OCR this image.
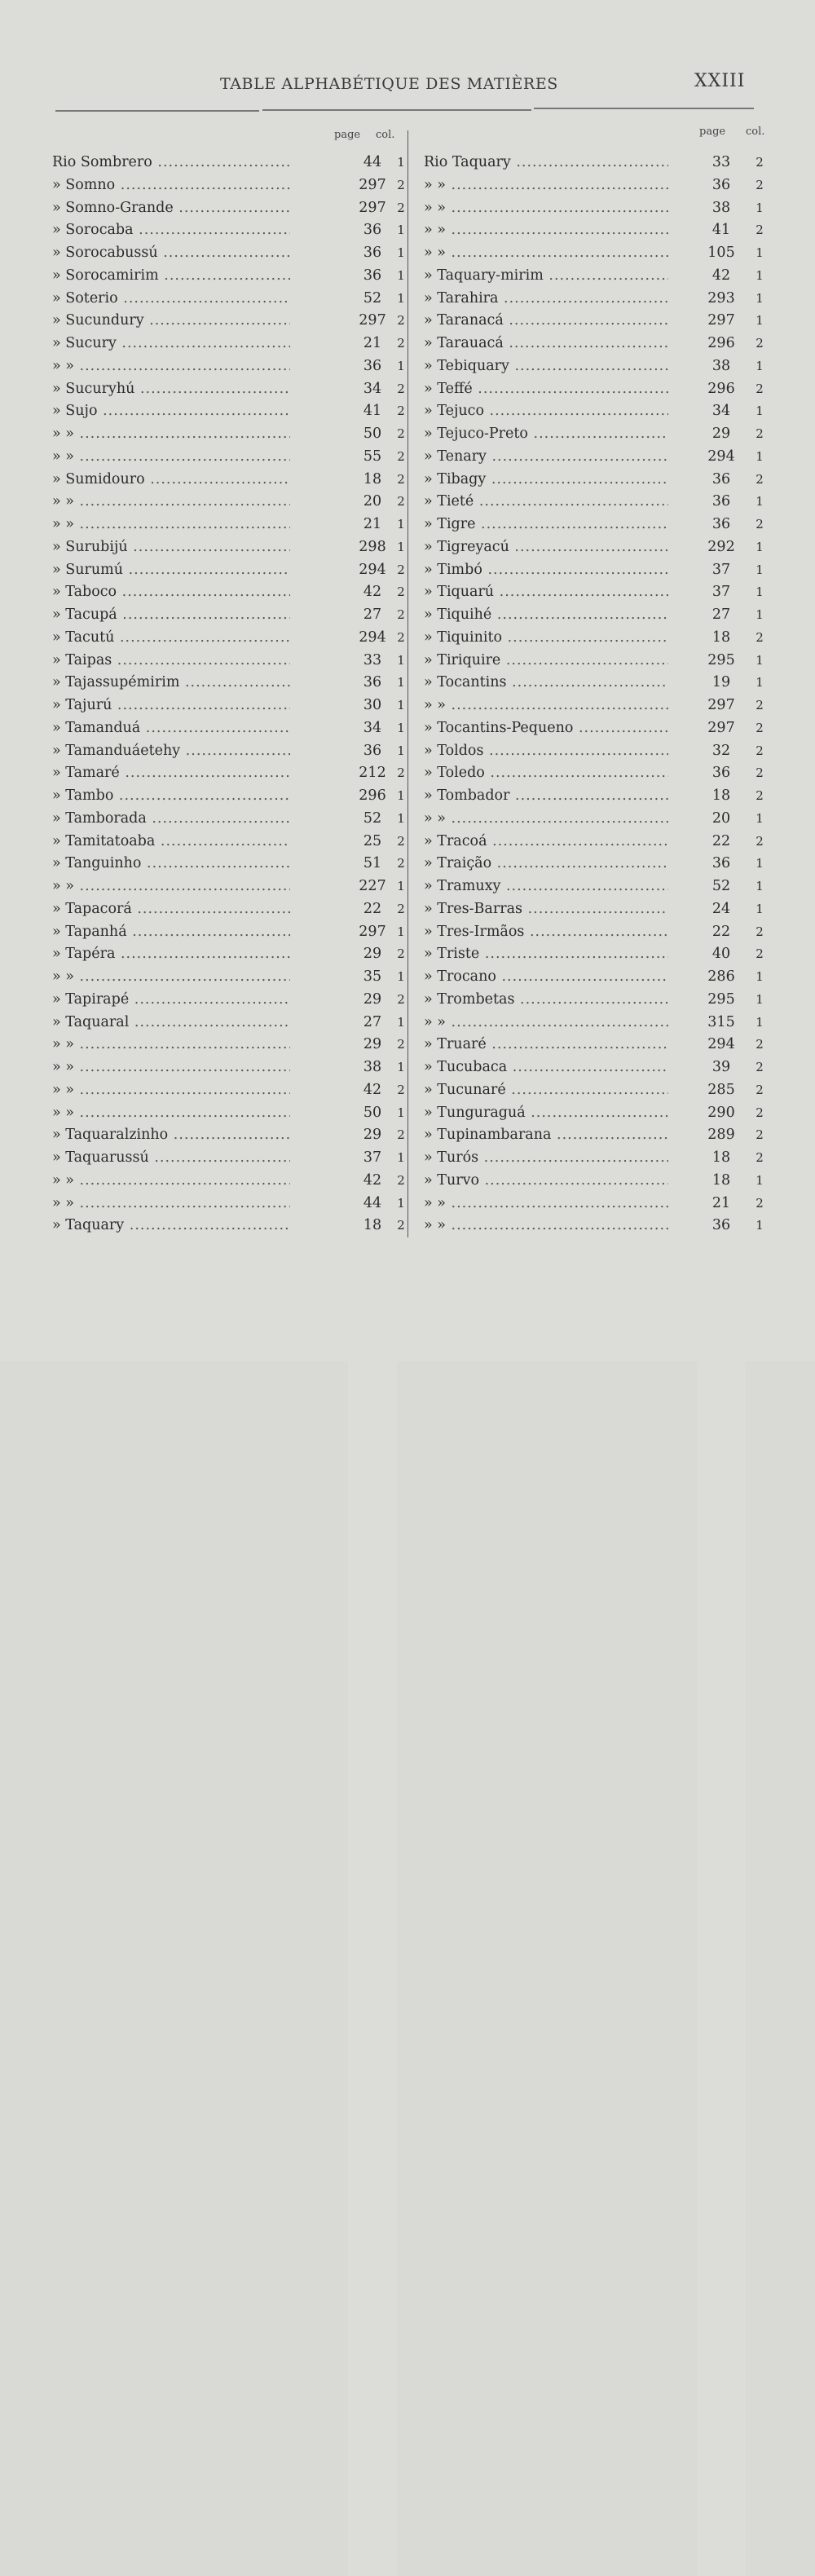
TABLE ALPHABÉTIQUE DES MATIÈRES	XXIII
page col.	page col.
Rio Sombrero .....	44	1
» Somno .....	297 2
» Somno-Grande .....	297 2
» Sorocaba .....	36	1
» Sorocabussú .....	36	1
» Sorocamirim .....	36	1
» Soterio .....	52	1
» Sucundury .....	297 2
» Sucury .....	21	2
» » .....	36	1
» Sucuryhú .....	34	2
» Sujo .....	41	2
» » .....	50	2
» » .....	55	2
» Sumidouro .....	18	2
» » .....	20	2
» » .....	21	1
» Surubijú .....	298 1
» Surumú .....	294 2
» Taboco .....	42	2
» Tacupá .....	27	2
» Tacutú .....	294 2
» Taipas .....	33	1
» Tajassupémirim .....	36	1
» Tajurú .....	30	1
» Tamanduá .....	34	1
» Tamanduáetehy .....	36	1
» Tamaré .....	212 2
» Tambo .....	296 1
» Tamborada .....	52	1
» Tamitatoaba .....	25	2
» Tanguinho .....	51	2
» » .....	227 1
» Tapacorá .....	22	2
» Tapanhá .....	297 1
» Tapéra .....	29	2
» » .....	35	1
» Tapirapé .....	29	2
» Taquaral .....	27	1
» » .....	29	2
» » .....	38	1
» » .....	42	2
» » .....	50	1
» Taquaralzinho .....	29	2
» Taquarussú .....	37	1
» » .....	42	2
» » .....	44	1
» Taquary .....	18	2
Rio Taquary .....	33	2
» » .....	36	2
» » .....	38	1
» » .....	41	2
» » .....	105	1
» Taquary-mirim .....	42	1
» Tarahira .....	293	1
» Taranacá .....	297	1
» Tarauacá .....	296	2
» Tebiquary .....	38	1
» Teffé .....	296	2
» Tejuco .....	34	1
» Tejuco-Preto .....	29	2
» Tenary .....	294	1
» Tibagy .....	36	2
» Tieté .....	36	1
» Tigre .....	36	2
» Tigreyacú .....	292	1
» Timbó .....	37	1
» Tiquarú .....	37	1
» Tiquihé .....	27	1
» Tiquinito .....	18	2
» Tiriquire .....	295	1
» Tocantins .....	19	1
» » .....	297	2
» Tocantins-Pequeno .....	297	2
» Toldos .....	32	2
» Toledo .....	36	2
» Tombador .....	18	2
» » .....	20	1
» Tracoá .....	22	2
» Traição .....	36	1
» Tramuxy .....	52	1
» Tres-Barras .....	24	1
» Tres-Irmãos .....	22	2
» Triste .....	40	2
» Trocano .....	286	1
» Trombetas .....	295	1
» » .....	315	1
» Truaré .....	294	2
» Tucubaca .....	39	2
» Tucunaré .....	285	2
» Tunguraguá .....	290	2
» Tupinambarana .....	289	2
» Turós .....	18	2
» Turvo .....	18	1
» » .....	21	2
» » .....	36	1
